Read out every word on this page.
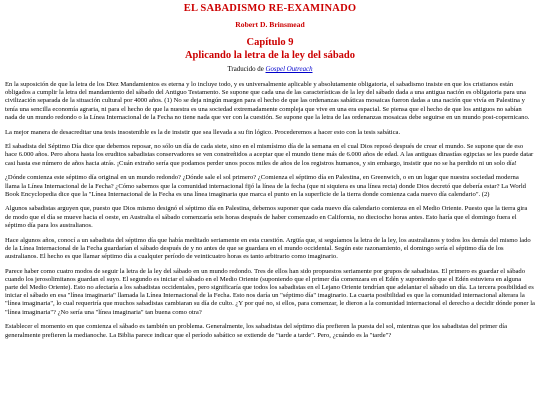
EL SABADISMO RE-EXAMINADO
Robert D. Brinsmead
Capítulo 9
Aplicando la letra de la ley del sábado
Traducido de Gospel Outreach

En la suposición de que la letra de los Diez Mandamientos es eterna y lo incluye todo, y es universalmente aplicable y absolutamente obligatoria, el sabadismo insiste en que los cristianos están obligados a cumplir la letra del mandamiento del sábado del Antiguo Testamento. Se supone que cada una de las características de la ley del sábado dada a una antigua nación es obligatoria para una civilización separada de la situación cultural por 4000 años. (1) No se deja ningún margen para el hecho de que las ordenanzas sabáticas mosaicas fueron dadas a una nación que vivía en Palestina y tenía una sencilla economía agraria, ni para el hecho de que la nuestra es una sociedad extremadamente compleja que vive en una era espacial. Se piensa que el hecho de que los antiguos no sabían nada de un mundo redondo o la Línea Internacional de la Fecha no tiene nada que ver con la cuestión. Se supone que la letra de las ordenanzas mosaicas debe seguirse en un mundo post-copernicano.

La mejor manera de desacreditar una tesis insostenible es la de insistir que sea llevada a su fin lógico. Procederemos a hacer esto con la tesis sabática.

El sabadista del Séptimo Día dice que debemos reposar, no sólo un día de cada siete, sino en el mismísimo día de la semana en el cual Dios reposó después de crear el mundo. Se supone que de eso hace 6.000 años. Pero ahora hasta los eruditos sabadistas conservadores se ven constreñidos a aceptar que el mundo tiene más de 6.000 años de edad. A las antiguas dinastías egipcias se les puede datar casi hasta ese número de años hacia atrás. ¡Cuán extraño sería que podamos perder unos pocos miles de años de los registros humanos, y sin embargo, insistir que no se ha perdido ni un solo día!

¿Dónde comienza este séptimo día original en un mundo redondo? ¿Dónde sale el sol primero? ¿Comienza el séptimo día en Palestina, en Greenwich, o en un lugar que nuestra sociedad moderna llama la Línea Internacional de la Fecha? ¿Cómo sabemos que la comunidad internacional fijó la línea de la fecha (que ni siquiera es una línea recta) donde Dios decretó que debería estar? La World Book Encyclopedia dice que la "Línea Internacional de la Fecha es una línea imaginaria que marca el punto en la superficie de la tierra donde comienza cada nuevo día calendario". (2)

Algunos sabadistas arguyen que, puesto que Dios mismo designó el séptimo día en Palestina, debemos suponer que cada nuevo día calendario comienza en el Medio Oriente. Puesto que la tierra gira de modo que el día se mueve hacia el oeste, en Australia el sábado comenzaría seis horas después de haber comenzado en California, no dieciocho horas antes. Esto haría que el domingo fuera el séptimo día para los australianos.

Hace algunos años, conocí a un sabadista del séptimo día que había meditado seriamente en esta cuestión. Argüía que, si seguíamos la letra de la ley, los australianos y todos los demás del mismo lado de la Línea Internacional de la Fecha guardarían el sábado después de y no antes de que se guardara en el mundo occidental. Según este razonamiento, el domingo sería el séptimo día de los australianos. El hecho es que llamar séptimo día a cualquier período de veinticuatro horas es tanto arbitrario como imaginario.

Parece haber como cuatro modos de seguir la letra de la ley del sábado en un mundo redondo. Tres de ellos han sido propuestos seriamente por grupos de sabadistas. El primero es guardar el sábado cuando los jerosolimitanos guardan el suyo. El segundo es iniciar el sábado en el Medio Oriente (suponiendo que el primer día comenzara en el Edén y suponiendo que el Edén estuviera en alguna parte del Medio Oriente). Esto no afectaría a los sabadistas occidentales, pero significaría que todos los sabadistas en el Lejano Oriente tendrían que adelantar el sábado un día. La tercera posibilidad es iniciar el sábado en esa "línea imaginaria" llamada la Línea Internacional de la Fecha. Esto nos daría un "séptimo día" imaginario. La cuarta posibilidad es que la comunidad internacional alterara la "línea imaginaria", lo cual requeriría que muchos sabadistas cambiaran su día de culto. ¿Y por qué no, si ellos, para comenzar, le dieron a la comunidad internacional el derecho a decidir dónde poner la "línea imaginaria"? ¿No sería una "línea imaginaria" tan buena como otra?

Establecer el momento en que comienza el sábado es también un problema. Generalmente, los sabadistas del séptimo día prefieren la puesta del sol, mientras que los sabadistas del primer día generalmente prefieren la medianoche. La Biblia parece indicar que el período sabático se extiende de "tarde a tarde". Pero, ¿cuándo es la "tarde"?
